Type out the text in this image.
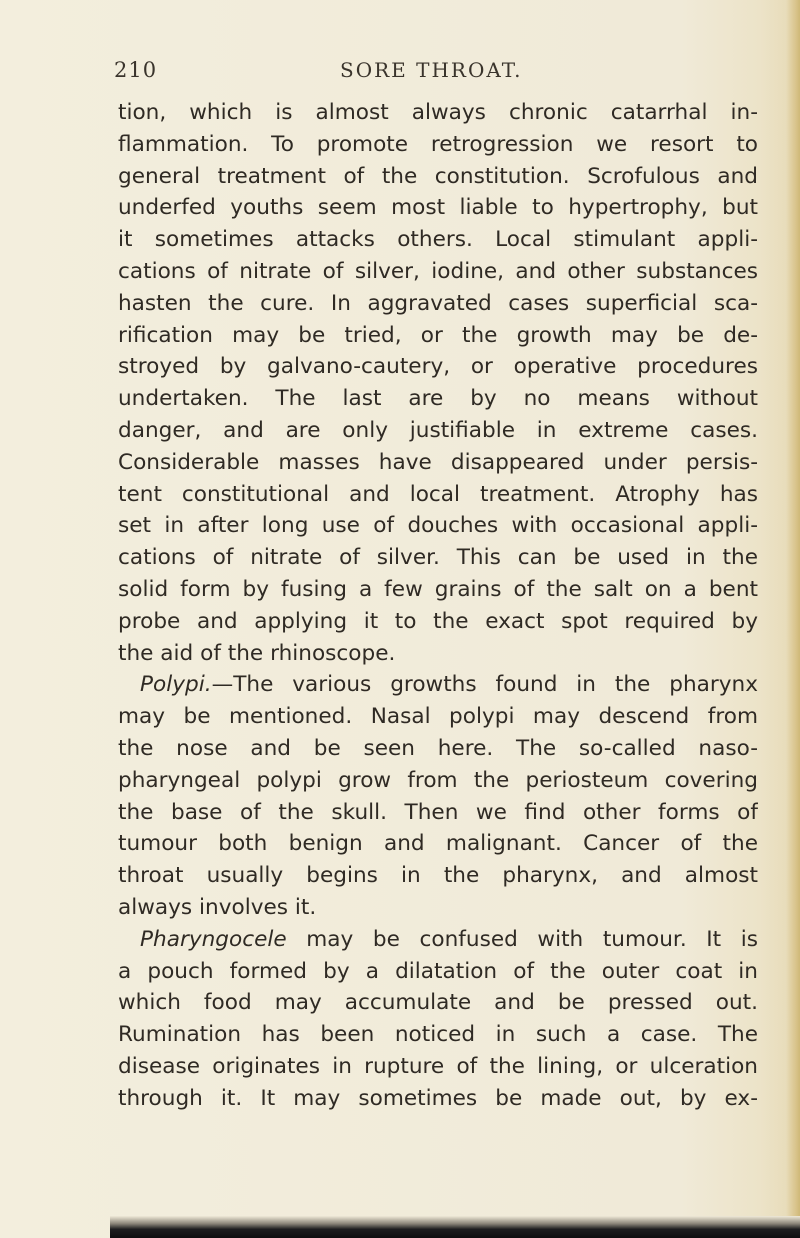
210	SORE THROAT.
tion, which is almost always chronic catarrhal in-
flammation. To promote retrogression we resort to
general treatment of the constitution. Scrofulous and
underfed youths seem most liable to hypertrophy, but
it sometimes attacks others. Local stimulant appli-
cations of nitrate of silver, iodine, and other substances
hasten the cure. In aggravated cases superficial sca-
rification may be tried, or the growth may be de-
stroyed by galvano-cautery, or operative procedures
undertaken. The last are by no means without
danger, and are only justifiable in extreme cases.
Considerable masses have disappeared under persis-
tent constitutional and local treatment. Atrophy has
set in after long use of douches with occasional appli-
cations of nitrate of silver. This can be used in the
solid form by fusing a few grains of the salt on a bent
probe and applying it to the exact spot required by
the aid of the rhinoscope.
Polypi.—The various growths found in the pharynx
may be mentioned. Nasal polypi may descend from
the nose and be seen here. The so-called naso-
pharyngeal polypi grow from the periosteum covering
the base of the skull. Then we find other forms of
tumour both benign and malignant. Cancer of the
throat usually begins in the pharynx, and almost
always involves it.
Pharyngocele may be confused with tumour. It is
a pouch formed by a dilatation of the outer coat in
which food may accumulate and be pressed out.
Rumination has been noticed in such a case. The
disease originates in rupture of the lining, or ulceration
through it. It may sometimes be made out, by ex-
